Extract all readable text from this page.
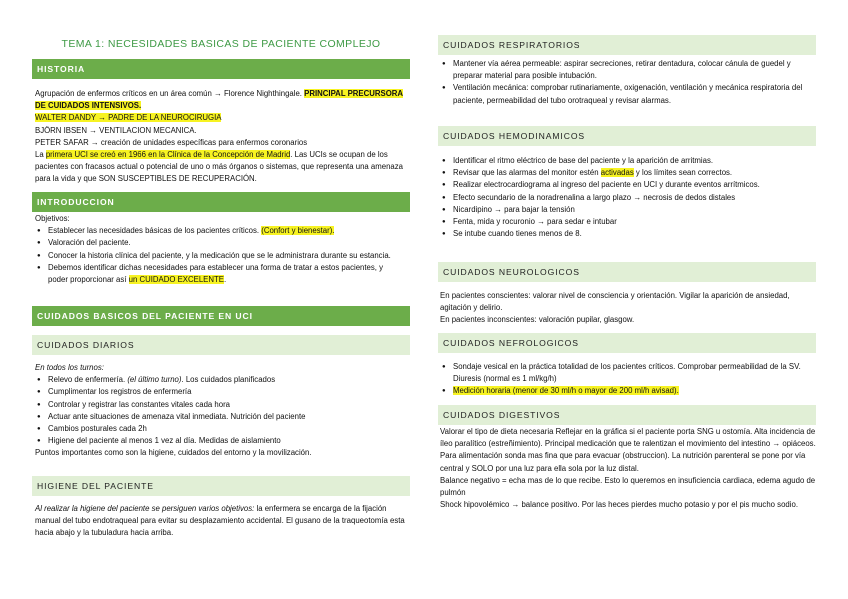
TEMA 1: NECESIDADES BASICAS DE PACIENTE COMPLEJO
HISTORIA

Agrupación de enfermos críticos en un área común → Florence Nighthingale. PRINCIPAL PRECURSORA DE CUIDADOS INTENSIVOS.

WALTER DANDY → PADRE DE LA NEUROCIRUGIA

BJÖRN IBSEN → VENTILACION MECANICA.

PETER SAFAR → creación de unidades específicas para enfermos coronarios

La primera UCI se creó en 1966 en la Clínica de la Concepción de Madrid. Las UCIs se ocupan de los pacientes con fracasos actual o potencial de uno o más órganos o sistemas, que representa una amenaza para la vida y que SON SUSCEPTIBLES DE RECUPERACIÓN.

INTRODUCCION

Objetivos:

● Establecer las necesidades básicas de los pacientes críticos. (Confort y bienestar).
● Valoración del paciente.
● Conocer la historia clínica del paciente, y la medicación que se le administrara durante su estancia.
● Debemos identificar dichas necesidades para establecer una forma de tratar a estos pacientes, y poder proporcionar así un CUIDADO EXCELENTE.
CUIDADOS BASICOS DEL PACIENTE EN UCI
CUIDADOS DIARIOS

En todos los turnos:

● Relevo de enfermería. (el último turno). Los cuidados planificados
● Cumplimentar los registros de enfermería
● Controlar y registrar las constantes vitales cada hora
● Actuar ante situaciones de amenaza vital inmediata. Nutrición del paciente
● Cambios posturales cada 2h
● Higiene del paciente al menos 1 vez al día. Medidas de aislamiento

Puntos importantes como son la higiene, cuidados del entorno y la movilización.

HIGIENE DEL PACIENTE

Al realizar la higiene del paciente se persiguen varios objetivos: la enfermera se encarga de la fijación manual del tubo endotraqueal para evitar su desplazamiento accidental. El gusano de la traqueotomía esta hacia abajo y la tubuladura hacia arriba.

CUIDADOS RESPIRATORIOS
● Mantener vía aérea permeable: aspirar secreciones, retirar dentadura, colocar cánula de guedel y preparar material para posible intubación.
● Ventilación mecánica: comprobar rutinariamente, oxigenación, ventilación y mecánica respiratoria del paciente, permeabilidad del tubo orotraqueal y revisar alarmas.
CUIDADOS HEMODINAMICOS
● Identificar el ritmo eléctrico de base del paciente y la aparición de arritmias.
● Revisar que las alarmas del monitor estén activadas y los límites sean correctos.
● Realizar electrocardiograma al ingreso del paciente en UCI y durante eventos arrítmicos.
● Efecto secundario de la noradrenalina a largo plazo → necrosis de dedos distales
● Nicardipino → para bajar la tensión
● Fenta, mida y rocuronio → para sedar e intubar
● Se intube cuando tienes menos de 8.
CUIDADOS NEUROLOGICOS

En pacientes conscientes: valorar nivel de consciencia y orientación. Vigilar la aparición de ansiedad, agitación y delirio.

En pacientes inconscientes: valoración pupilar, glasgow.

CUIDADOS NEFROLOGICOS
● Sondaje vesical en la práctica totalidad de los pacientes críticos. Comprobar permeabilidad de la SV. Diuresis (normal es 1 ml/kg/h)
● Medición horaria (menor de 30 ml/h o mayor de 200 ml/h avisad).
CUIDADOS DIGESTIVOS

Valorar el tipo de dieta necesaria Reflejar en la gráfica si el paciente porta SNG u ostomía. Alta incidencia de íleo paralítico (estreñimiento). Principal medicación que te ralentizan el movimiento del intestino → opiáceos. Para alimentación sonda mas fina que para evacuar (obstruccion). La nutrición parenteral se pone por vía central y SOLO por una luz para ella sola por la luz distal.

Balance negativo = echa mas de lo que recibe. Esto lo queremos en insuficiencia cardiaca, edema agudo de pulmón

Shock hipovolémico → balance positivo. Por las heces pierdes mucho potasio y por el pis mucho sodio.
